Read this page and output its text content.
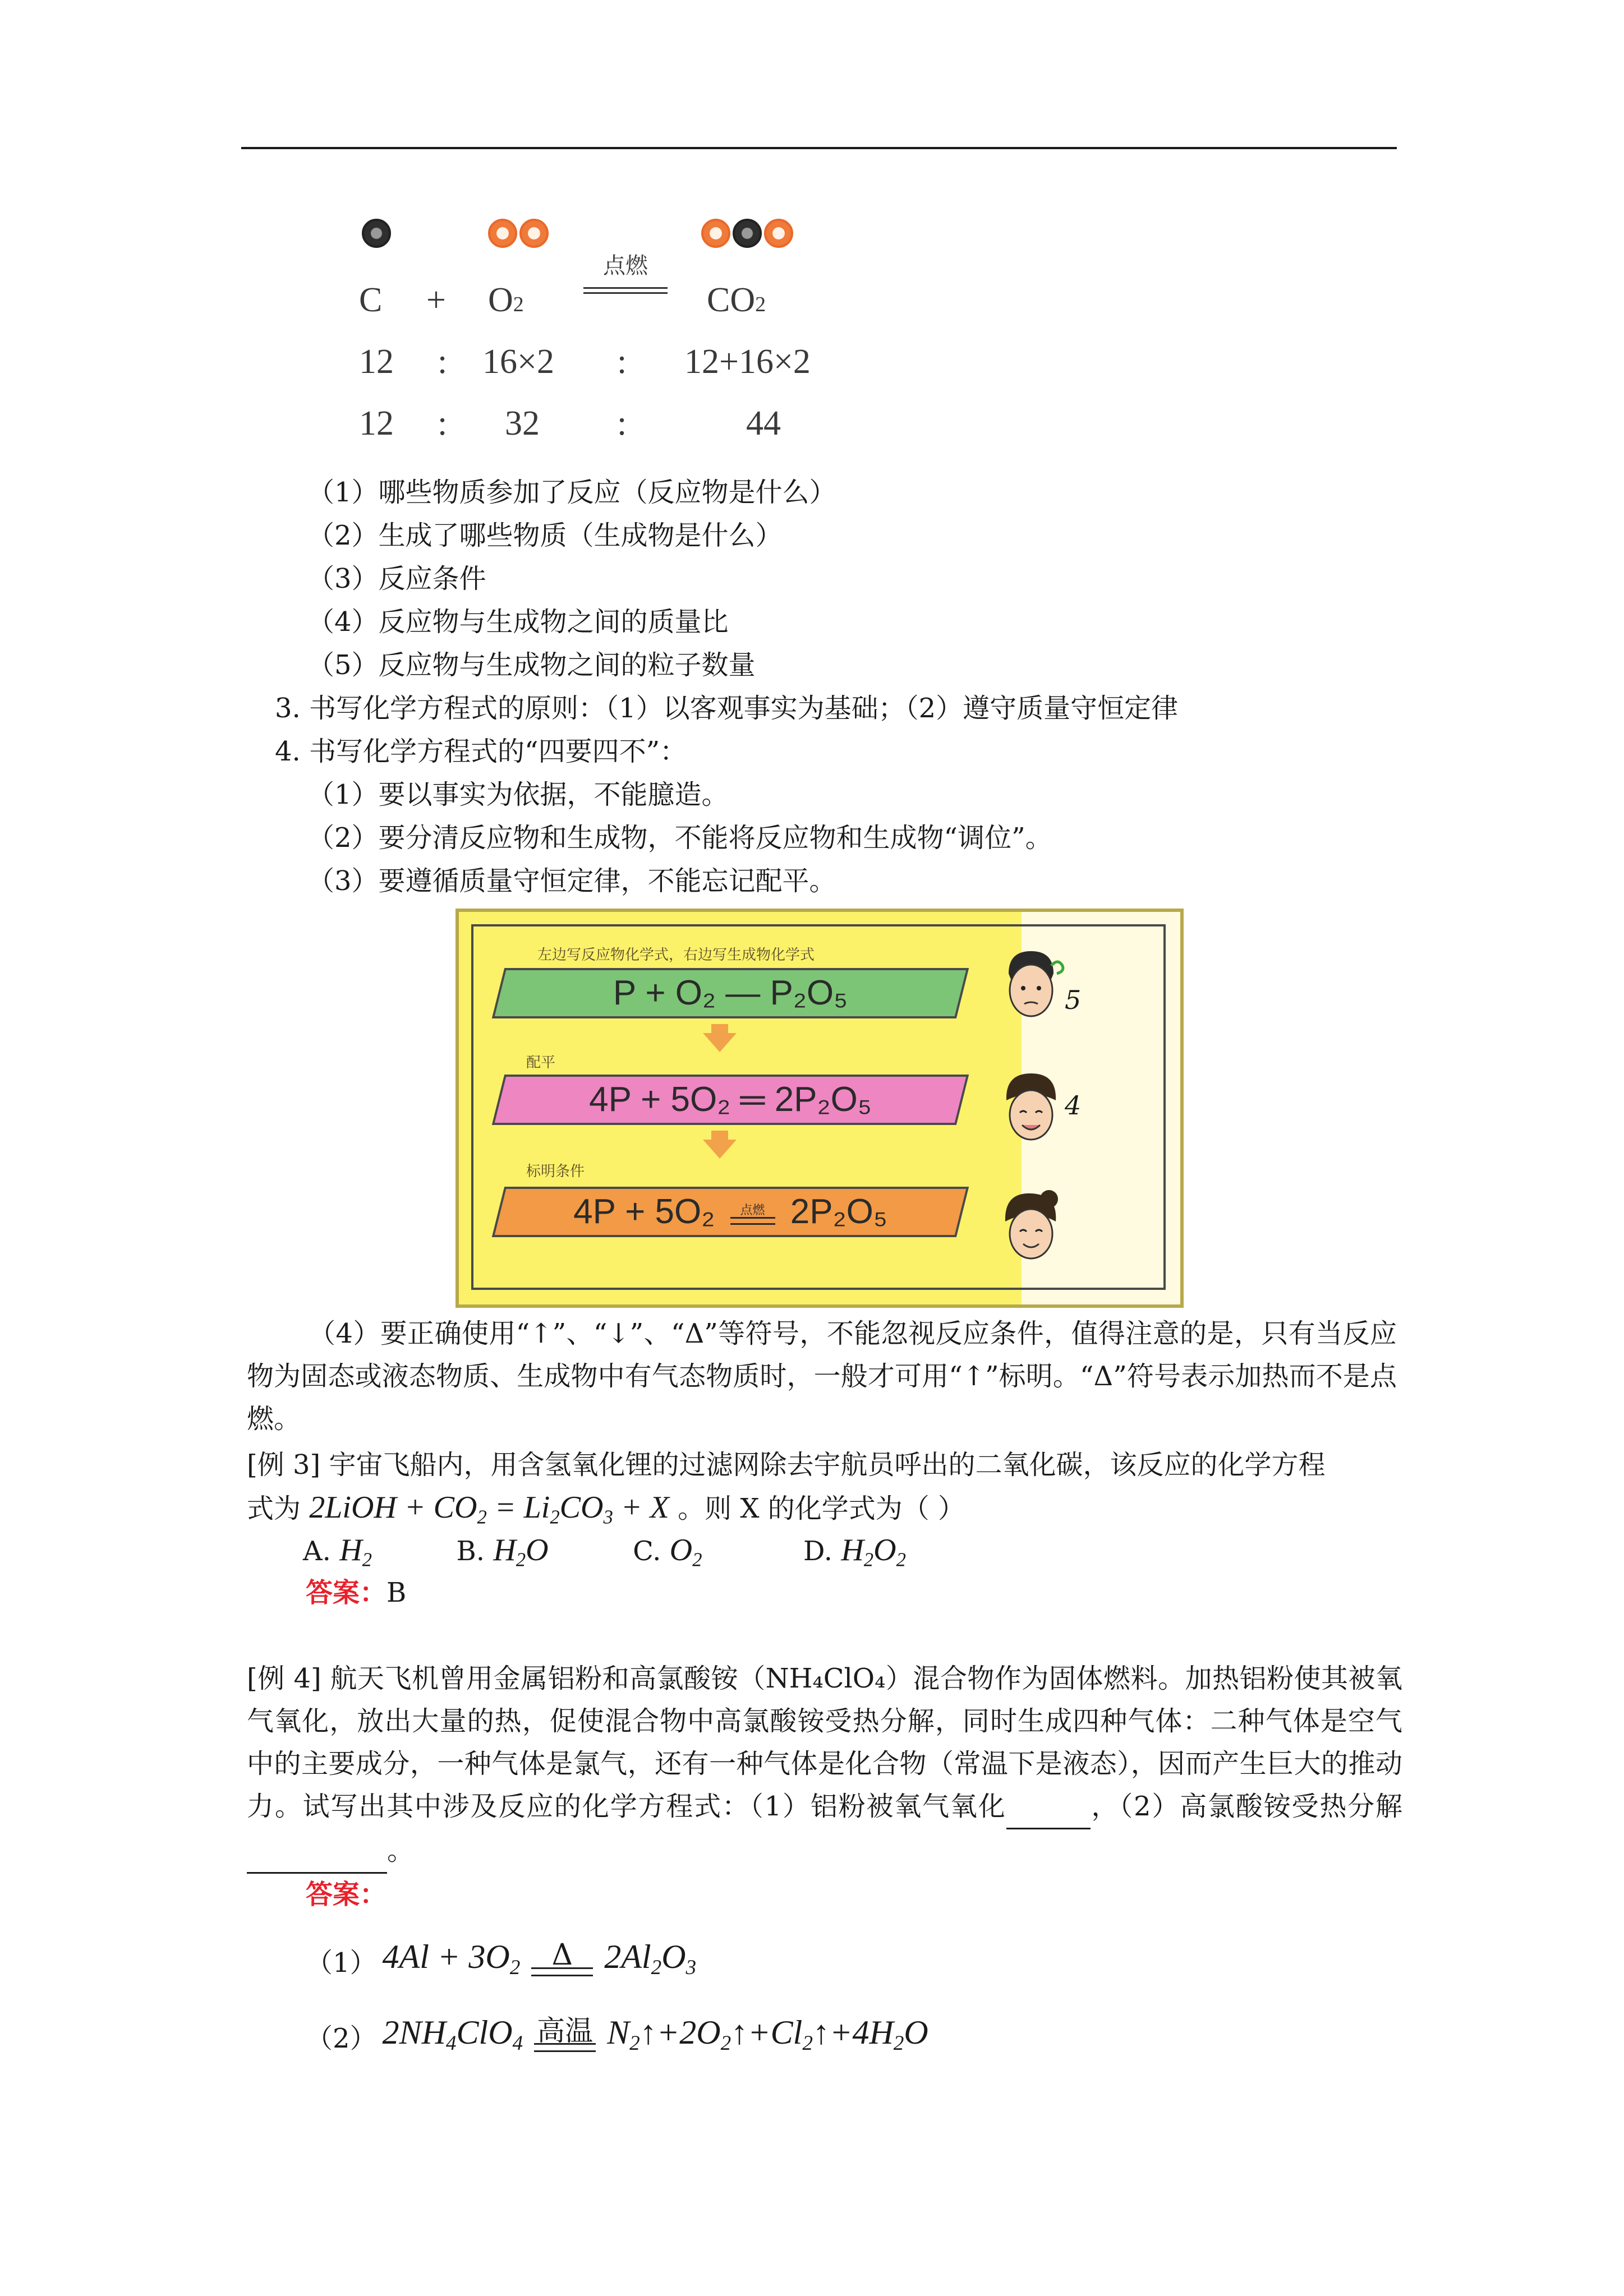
C + O2
点燃
CO2
12 : 16×2 : 12+16×2
12 : 32 :	44
（1）哪些物质参加了反应（反应物是什么）
（2）生成了哪些物质（生成物是什么）
（3）反应条件
（4）反应物与生成物之间的质量比
（5）反应物与生成物之间的粒子数量
3. 书写化学方程式的原则：（1）以客观事实为基础；（2）遵守质量守恒定律
4. 书写化学方程式的“四要四不”：
（1）要以事实为依据，不能臆造。
（2）要分清反应物和生成物，不能将反应物和生成物“调位”。
（3）要遵循质量守恒定律，不能忘记配平。
左边写反应物化学式，右边写生成物化学式
P + O₂ — P₂O₅
配平
4P + 5O₂ ═ 2P₂O₅
标明条件
4P + 5O₂ 点燃 2P₂O₅
5
4
（4）要正确使用“↑”、“↓”、“Δ”等符号，不能忽视反应条件，值得注意的是，只有当反应物为固态或液态物质、生成物中有气态物质时，一般才可用“↑”标明。“Δ”符号表示加热而不是点燃。
[例 3] 宇宙飞船内，用含氢氧化锂的过滤网除去宇航员呼出的二氧化碳，该反应的化学方程
式为 2LiOH + $CO_2 = Li_2CO_3 + X$ 。则 X 的化学式为（ ）
A. $H_2$	B. $H_2O$	C. $O_2$	D. $H_2O_2$
答案：B
[例 4] 航天飞机曾用金属铝粉和高氯酸铵（NH₄ClO₄）混合物作为固体燃料。加热铝粉使其被氧气氧化，放出大量的热，促使混合物中高氯酸铵受热分解，同时生成四种气体：二种气体是空气中的主要成分，一种气体是氯气，还有一种气体是化合物（常温下是液态），因而产生巨大的推动力。试写出其中涉及反应的化学方程式：（1）铝粉被氧气氧化	，（2）高氯酸铵受热分解 。
答案：
（1） $4Al + 3O_2$ Δ $2Al_2O_3$
（2） $2NH_4ClO_4$ 高温 $N_2↑+2O_2↑+Cl_2↑+4H_2O$
